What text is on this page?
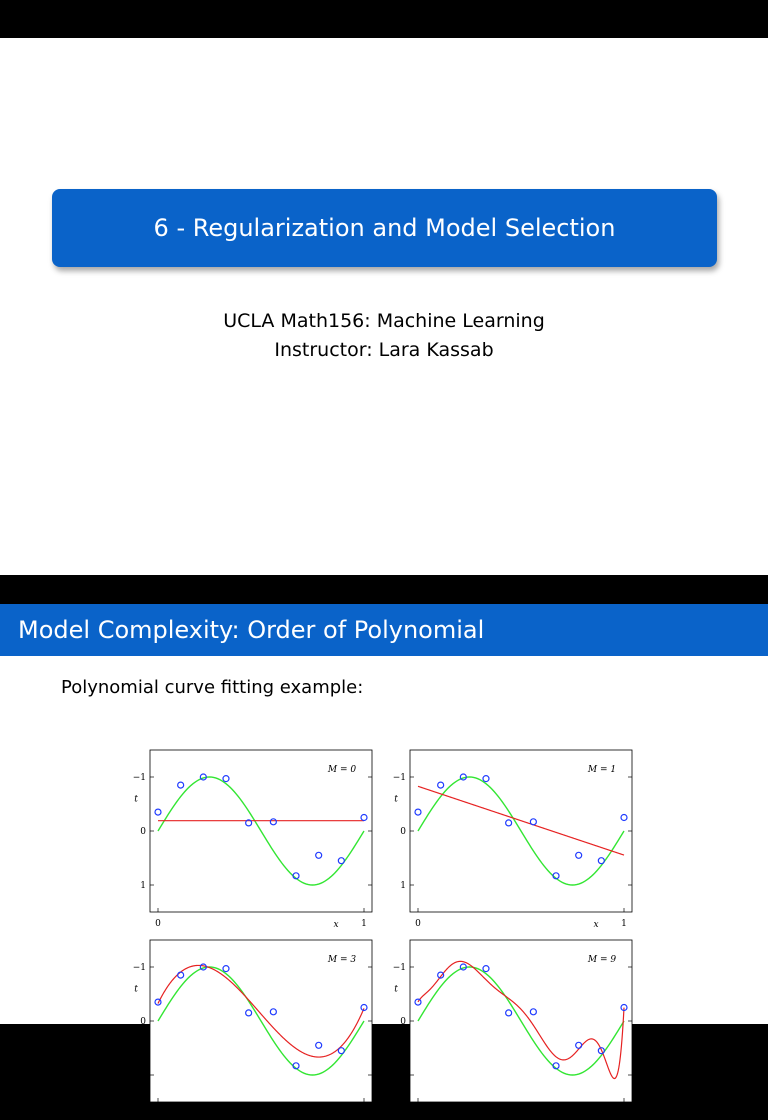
6 - Regularization and Model Selection
UCLA Math156: Machine Learning
Instructor: Lara Kassab
Model Complexity: Order of Polynomial
Polynomial curve fitting example:
−1
0
1
0	1
x
t
M = 0
−1
0
1
0	1
x
t
M = 1
−1
0
1
0	1
x
t
M = 3
−1
0
1
0	1
x
t
M = 9
